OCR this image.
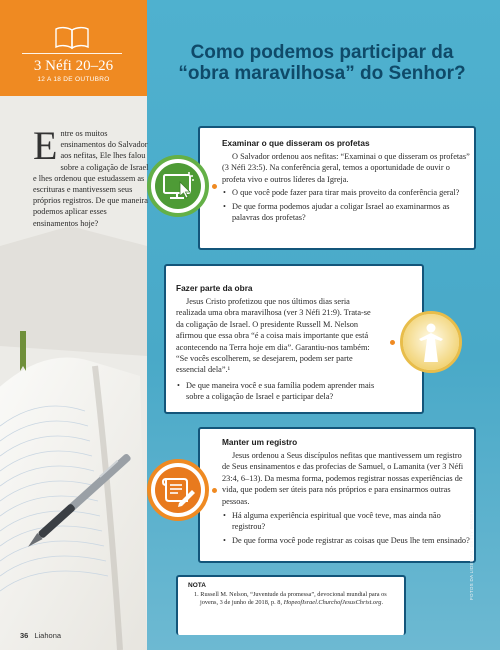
3 Néfi 20–26
12 A 18 DE OUTUBRO
Como podemos participar da
“obra maravilhosa” do Senhor?
Entre os muitos ensinamentos do Salvador aos nefitas, Ele lhes falou sobre a coligação de Israel e lhes ordenou que estudassem as escrituras e mantivessem seus próprios registros. De que maneira podemos aplicar esses ensinamentos hoje?
Examinar o que disseram os profetas

O Salvador ordenou aos nefitas: “Examinai o que disseram os profetas” (3 Néfi 23:5). Na conferência geral, temos a oportunidade de ouvir o profeta vivo e outros líderes da Igreja.

• O que você pode fazer para tirar mais proveito da conferência geral?
• De que forma podemos ajudar a coligar Israel ao examinarmos as palavras dos profetas?
Fazer parte da obra

Jesus Cristo profetizou que nos últimos dias seria realizada uma obra maravilhosa (ver 3 Néfi 21:9). Trata-se da coligação de Israel. O presidente Russell M. Nelson afirmou que essa obra “é a coisa mais importante que está acontecendo na Terra hoje em dia”. Garantiu-nos também: “Se vocês escolherem, se desejarem, podem ser parte essencial dela”.¹

• De que maneira você e sua família podem aprender mais sobre a coligação de Israel e participar dela?
Manter um registro

Jesus ordenou a Seus discípulos nefitas que mantivessem um registro de Seus ensinamentos e das profecias de Samuel, o Lamanita (ver 3 Néfi 23:4, 6–13). Da mesma forma, podemos registrar nossas experiências de vida, que podem ser úteis para nós próprios e para ensinarmos outras pessoas.

• Há alguma experiência espiritual que você teve, mas ainda não registrou?
• De que forma você pode registrar as coisas que Deus lhe tem ensinado?
NOTA

1. Russell M. Nelson, “Juventude da promessa”, devocional mundial para os jovens, 3 de junho de 2018, p. 8, HopeofIsrael.ChurchofJesusChrist.org.

36 Liahona
FOTOS DA LIDERIAS: GETTY IMAGES
